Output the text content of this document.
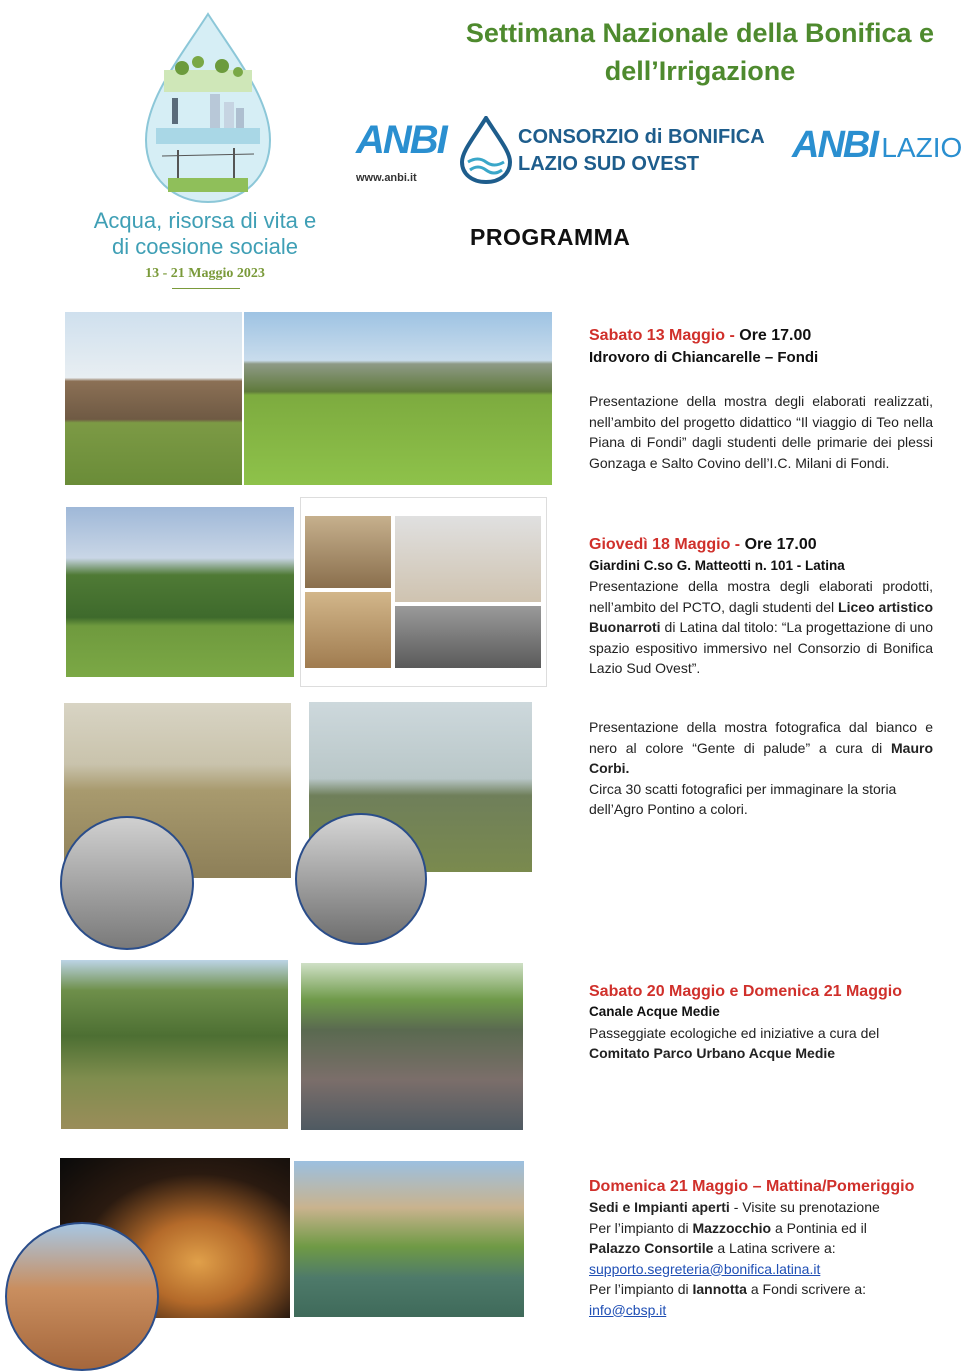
Acqua, risorsa di vita e
di coesione sociale
13 - 21 Maggio 2023
Settimana Nazionale della Bonifica e
dell’Irrigazione
ANBI
www.anbi.it
CONSORZIO di BONIFICA
LAZIO SUD OVEST	ANBI LAZIO
PROGRAMMA
Sabato 13 Maggio - Ore 17.00
Idrovoro di Chiancarelle – Fondi
Presentazione della mostra degli elaborati realizzati, nell’ambito del progetto didattico “Il viaggio di Teo nella Piana di Fondi” dagli studenti delle primarie dei plessi Gonzaga e Salto Covino dell’I.C. Milani di Fondi.
Giovedì 18 Maggio - Ore 17.00
Giardini C.so G. Matteotti n. 101 - Latina
Presentazione della mostra degli elaborati prodotti, nell’ambito del PCTO, dagli studenti del Liceo artistico Buonarroti di Latina dal titolo: “La progettazione di uno spazio espositivo immersivo nel Consorzio di Bonifica Lazio Sud Ovest”.
Presentazione della mostra fotografica dal bianco e nero al colore “Gente di palude” a cura di Mauro Corbi.
Circa 30 scatti fotografici per immaginare la storia dell’Agro Pontino a colori.
Sabato 20 Maggio e Domenica 21 Maggio
Canale Acque Medie
Passeggiate ecologiche ed iniziative a cura del
Comitato Parco Urbano Acque Medie
Domenica 21 Maggio – Mattina/Pomeriggio
Sedi e Impianti aperti - Visite su prenotazione
Per l’impianto di Mazzocchio a Pontinia ed il
Palazzo Consortile a Latina scrivere a:
supporto.segreteria@bonifica.latina.it
Per l’impianto di Iannotta a Fondi scrivere a:
info@cbsp.it
